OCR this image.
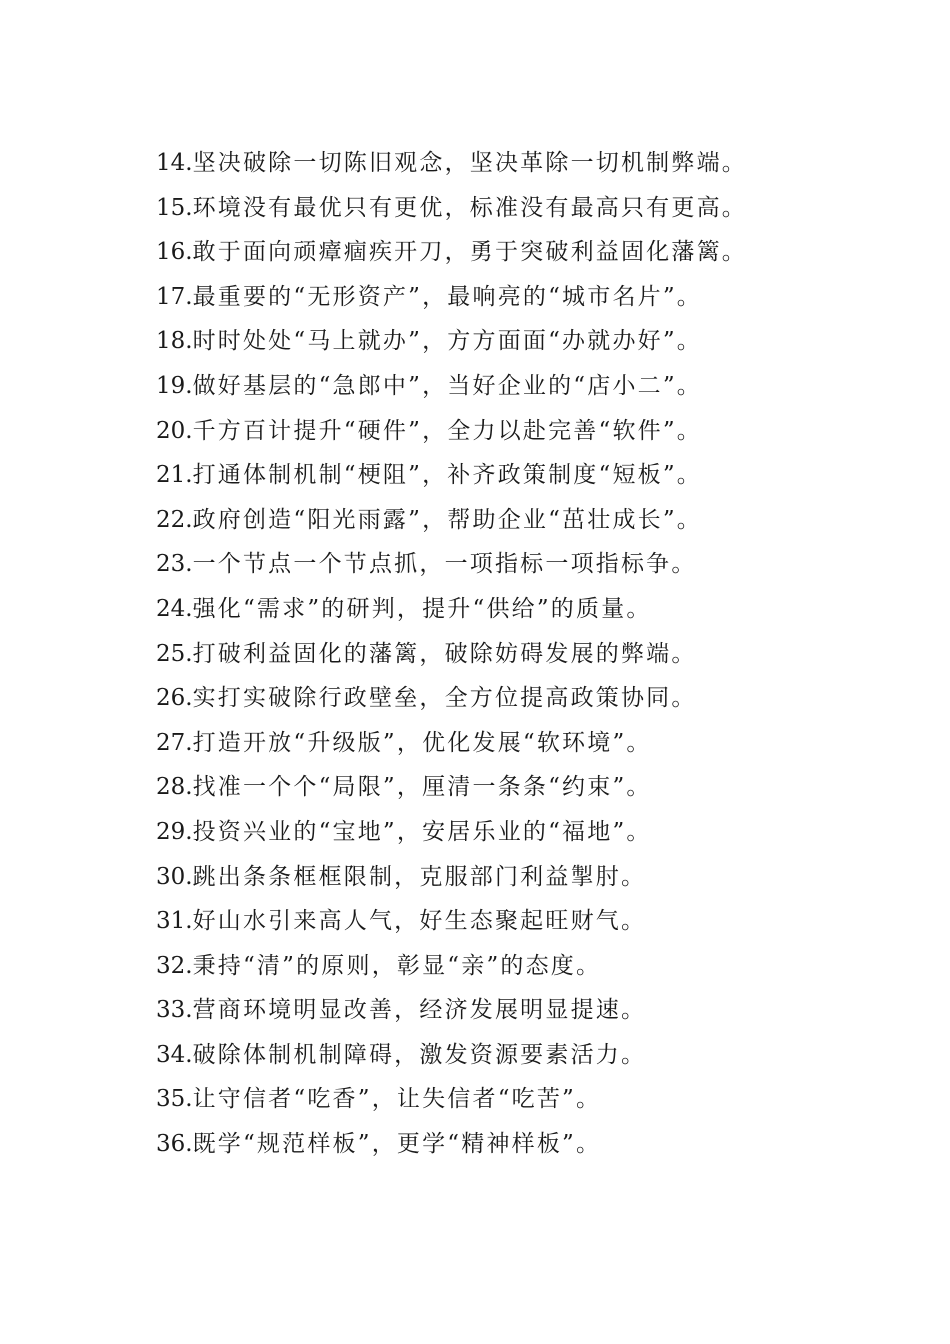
14.坚决破除一切陈旧观念，坚决革除一切机制弊端。
15.环境没有最优只有更优，标准没有最高只有更高。
16.敢于面向顽瘴痼疾开刀，勇于突破利益固化藩篱。
17.最重要的“无形资产”，最响亮的“城市名片”。
18.时时处处“马上就办”，方方面面“办就办好”。
19.做好基层的“急郎中”，当好企业的“店小二”。
20.千方百计提升“硬件”，全力以赴完善“软件”。
21.打通体制机制“梗阻”，补齐政策制度“短板”。
22.政府创造“阳光雨露”，帮助企业“茁壮成长”。
23.一个节点一个节点抓，一项指标一项指标争。
24.强化“需求”的研判，提升“供给”的质量。
25.打破利益固化的藩篱，破除妨碍发展的弊端。
26.实打实破除行政壁垒，全方位提高政策协同。
27.打造开放“升级版”，优化发展“软环境”。
28.找准一个个“局限”，厘清一条条“约束”。
29.投资兴业的“宝地”，安居乐业的“福地”。
30.跳出条条框框限制，克服部门利益掣肘。
31.好山水引来高人气，好生态聚起旺财气。
32.秉持“清”的原则，彰显“亲”的态度。
33.营商环境明显改善，经济发展明显提速。
34.破除体制机制障碍，激发资源要素活力。
35.让守信者“吃香”，让失信者“吃苦”。
36.既学“规范样板”，更学“精神样板”。
